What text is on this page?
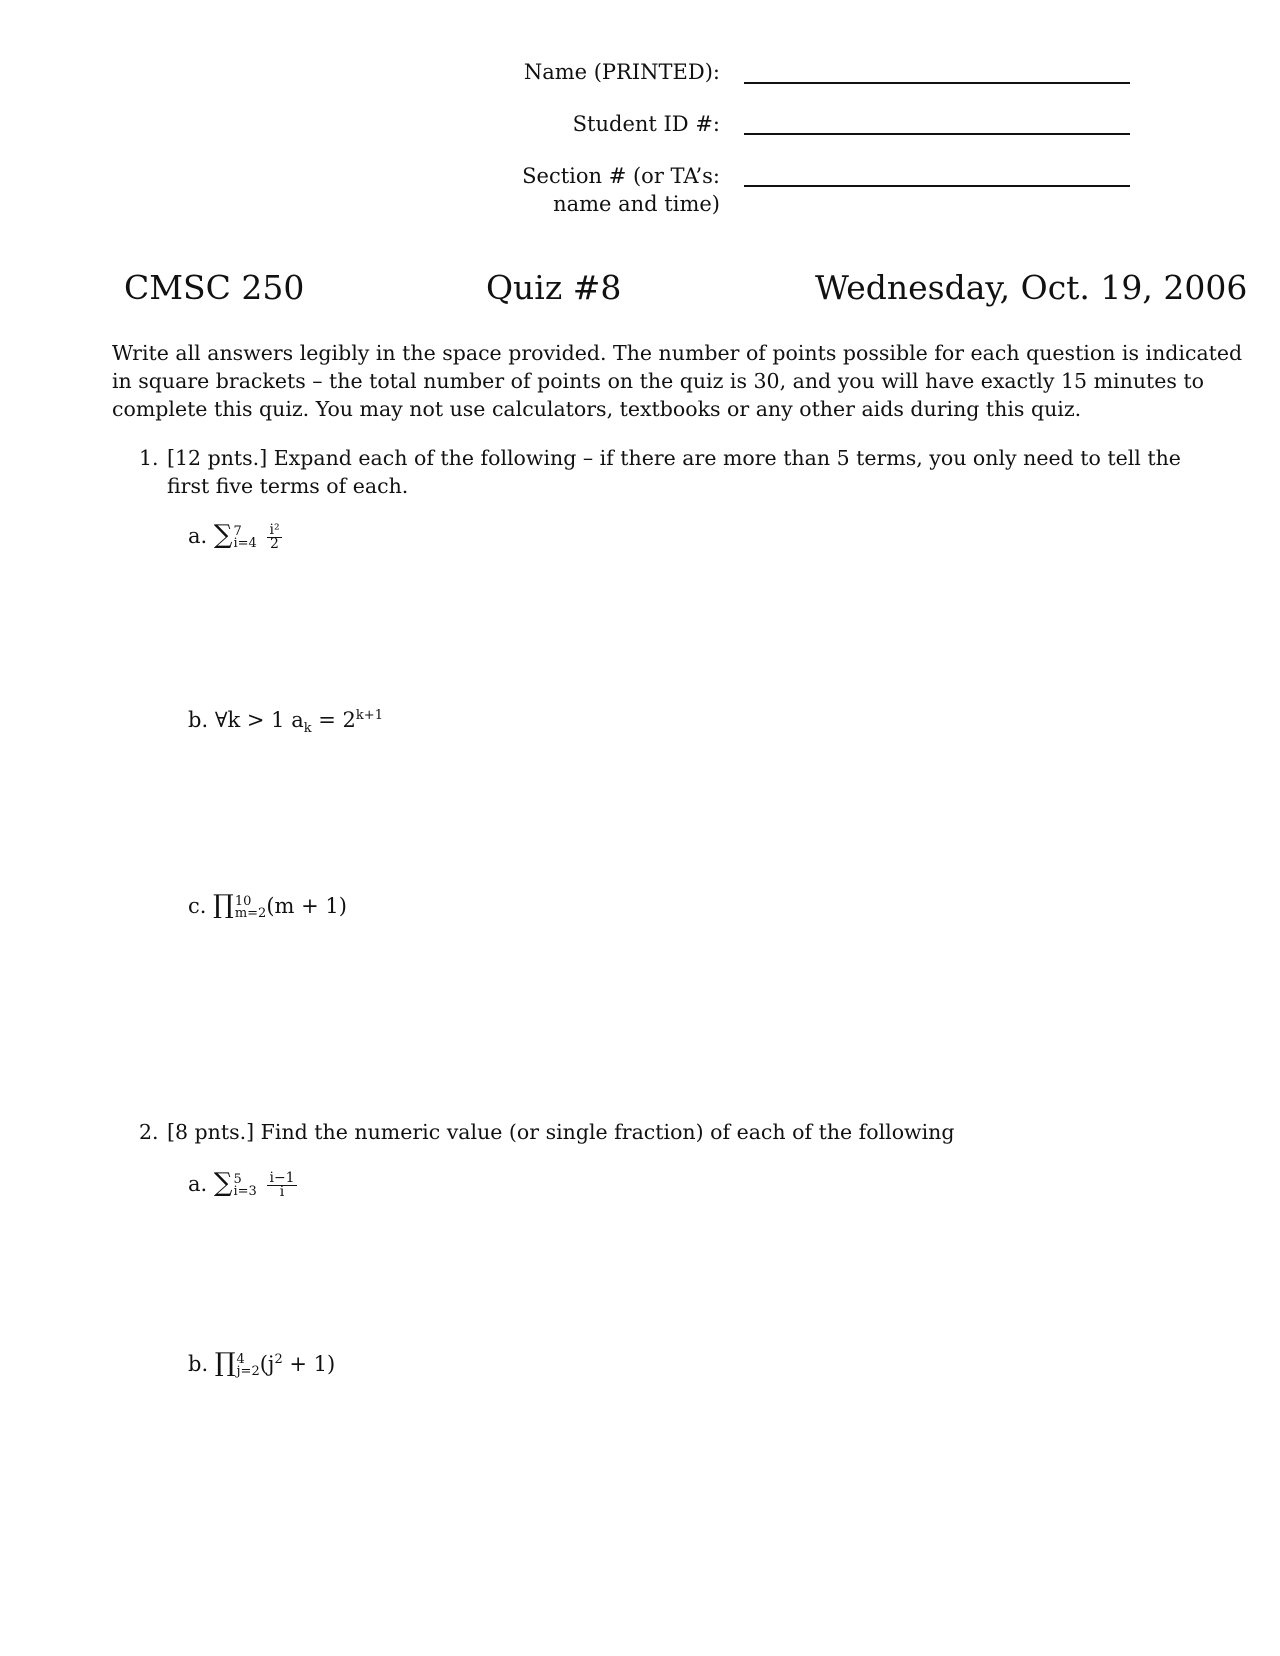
Name (PRINTED):
Student ID #:
Section # (or TA’s:
name and time)
CMSC 250	Quiz #8	Wednesday, Oct. 19, 2006
Write all answers legibly in the space provided. The number of points possible for each question is indicated
in square brackets – the total number of points on the quiz is 30, and you will have exactly 15 minutes to
complete this quiz. You may not use calculators, textbooks or any other aids during this quiz.
1. [12 pnts.] Expand each of the following – if there are more than 5 terms, you only need to tell the
first five terms of each.
a. ∑ 7
i=4
$\frac{\text{i²}}{2}$
b. ∀k > 1 $a_k = 2^{k+1}$
c. ∏ 10
m=2 (m + 1)
2. [8 pnts.] Find the numeric value (or single fraction) of each of the following
a. ∑ 5
i=3
$\frac{i-1}{i}$
b. ∏ 4
j=2 $(j^2 + 1)$
